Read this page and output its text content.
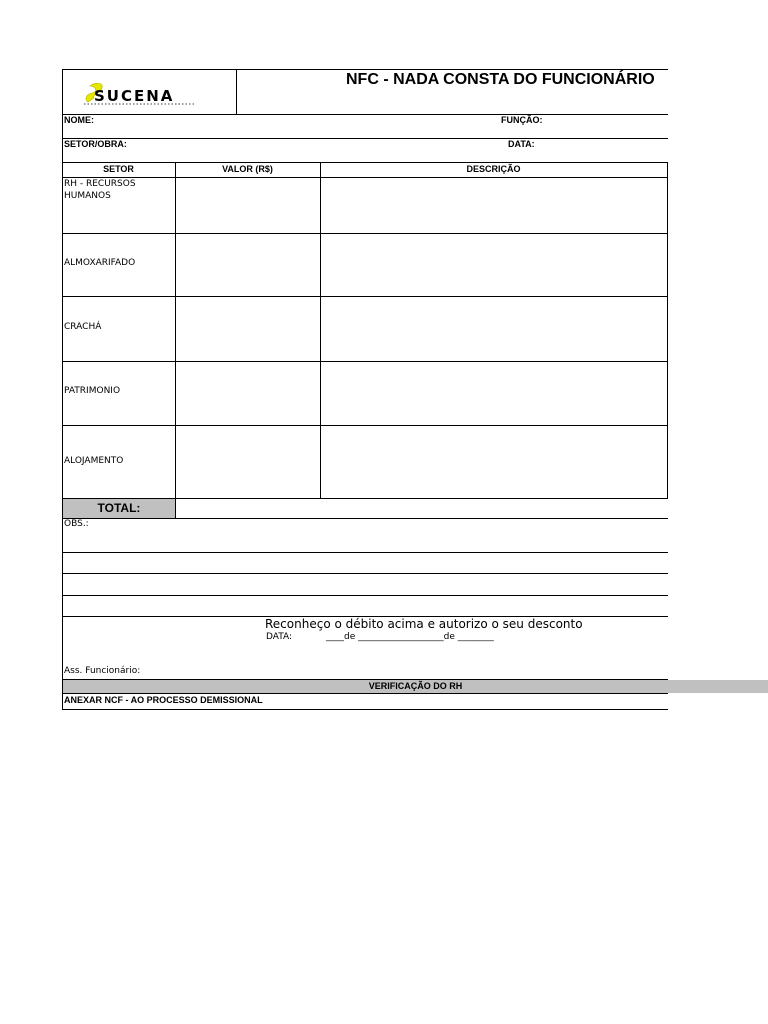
SUCENA
NFC - NADA CONSTA DO FUNCIONÁRIO
NOME:	FUNÇÃO:
SETOR/OBRA:	DATA:
SETOR	VALOR (R$)	DESCRIÇÃO
RH - RECURSOS HUMANOS
ALMOXARIFADO
CRACHÁ
PATRIMONIO
ALOJAMENTO
TOTAL:
OBS.:
Reconheço o débito acima e autorizo o seu desconto
DATA:	____de ___________________de ________
Ass. Funcionário:
VERIFICAÇÃO DO RH
ANEXAR NCF - AO PROCESSO DEMISSIONAL
